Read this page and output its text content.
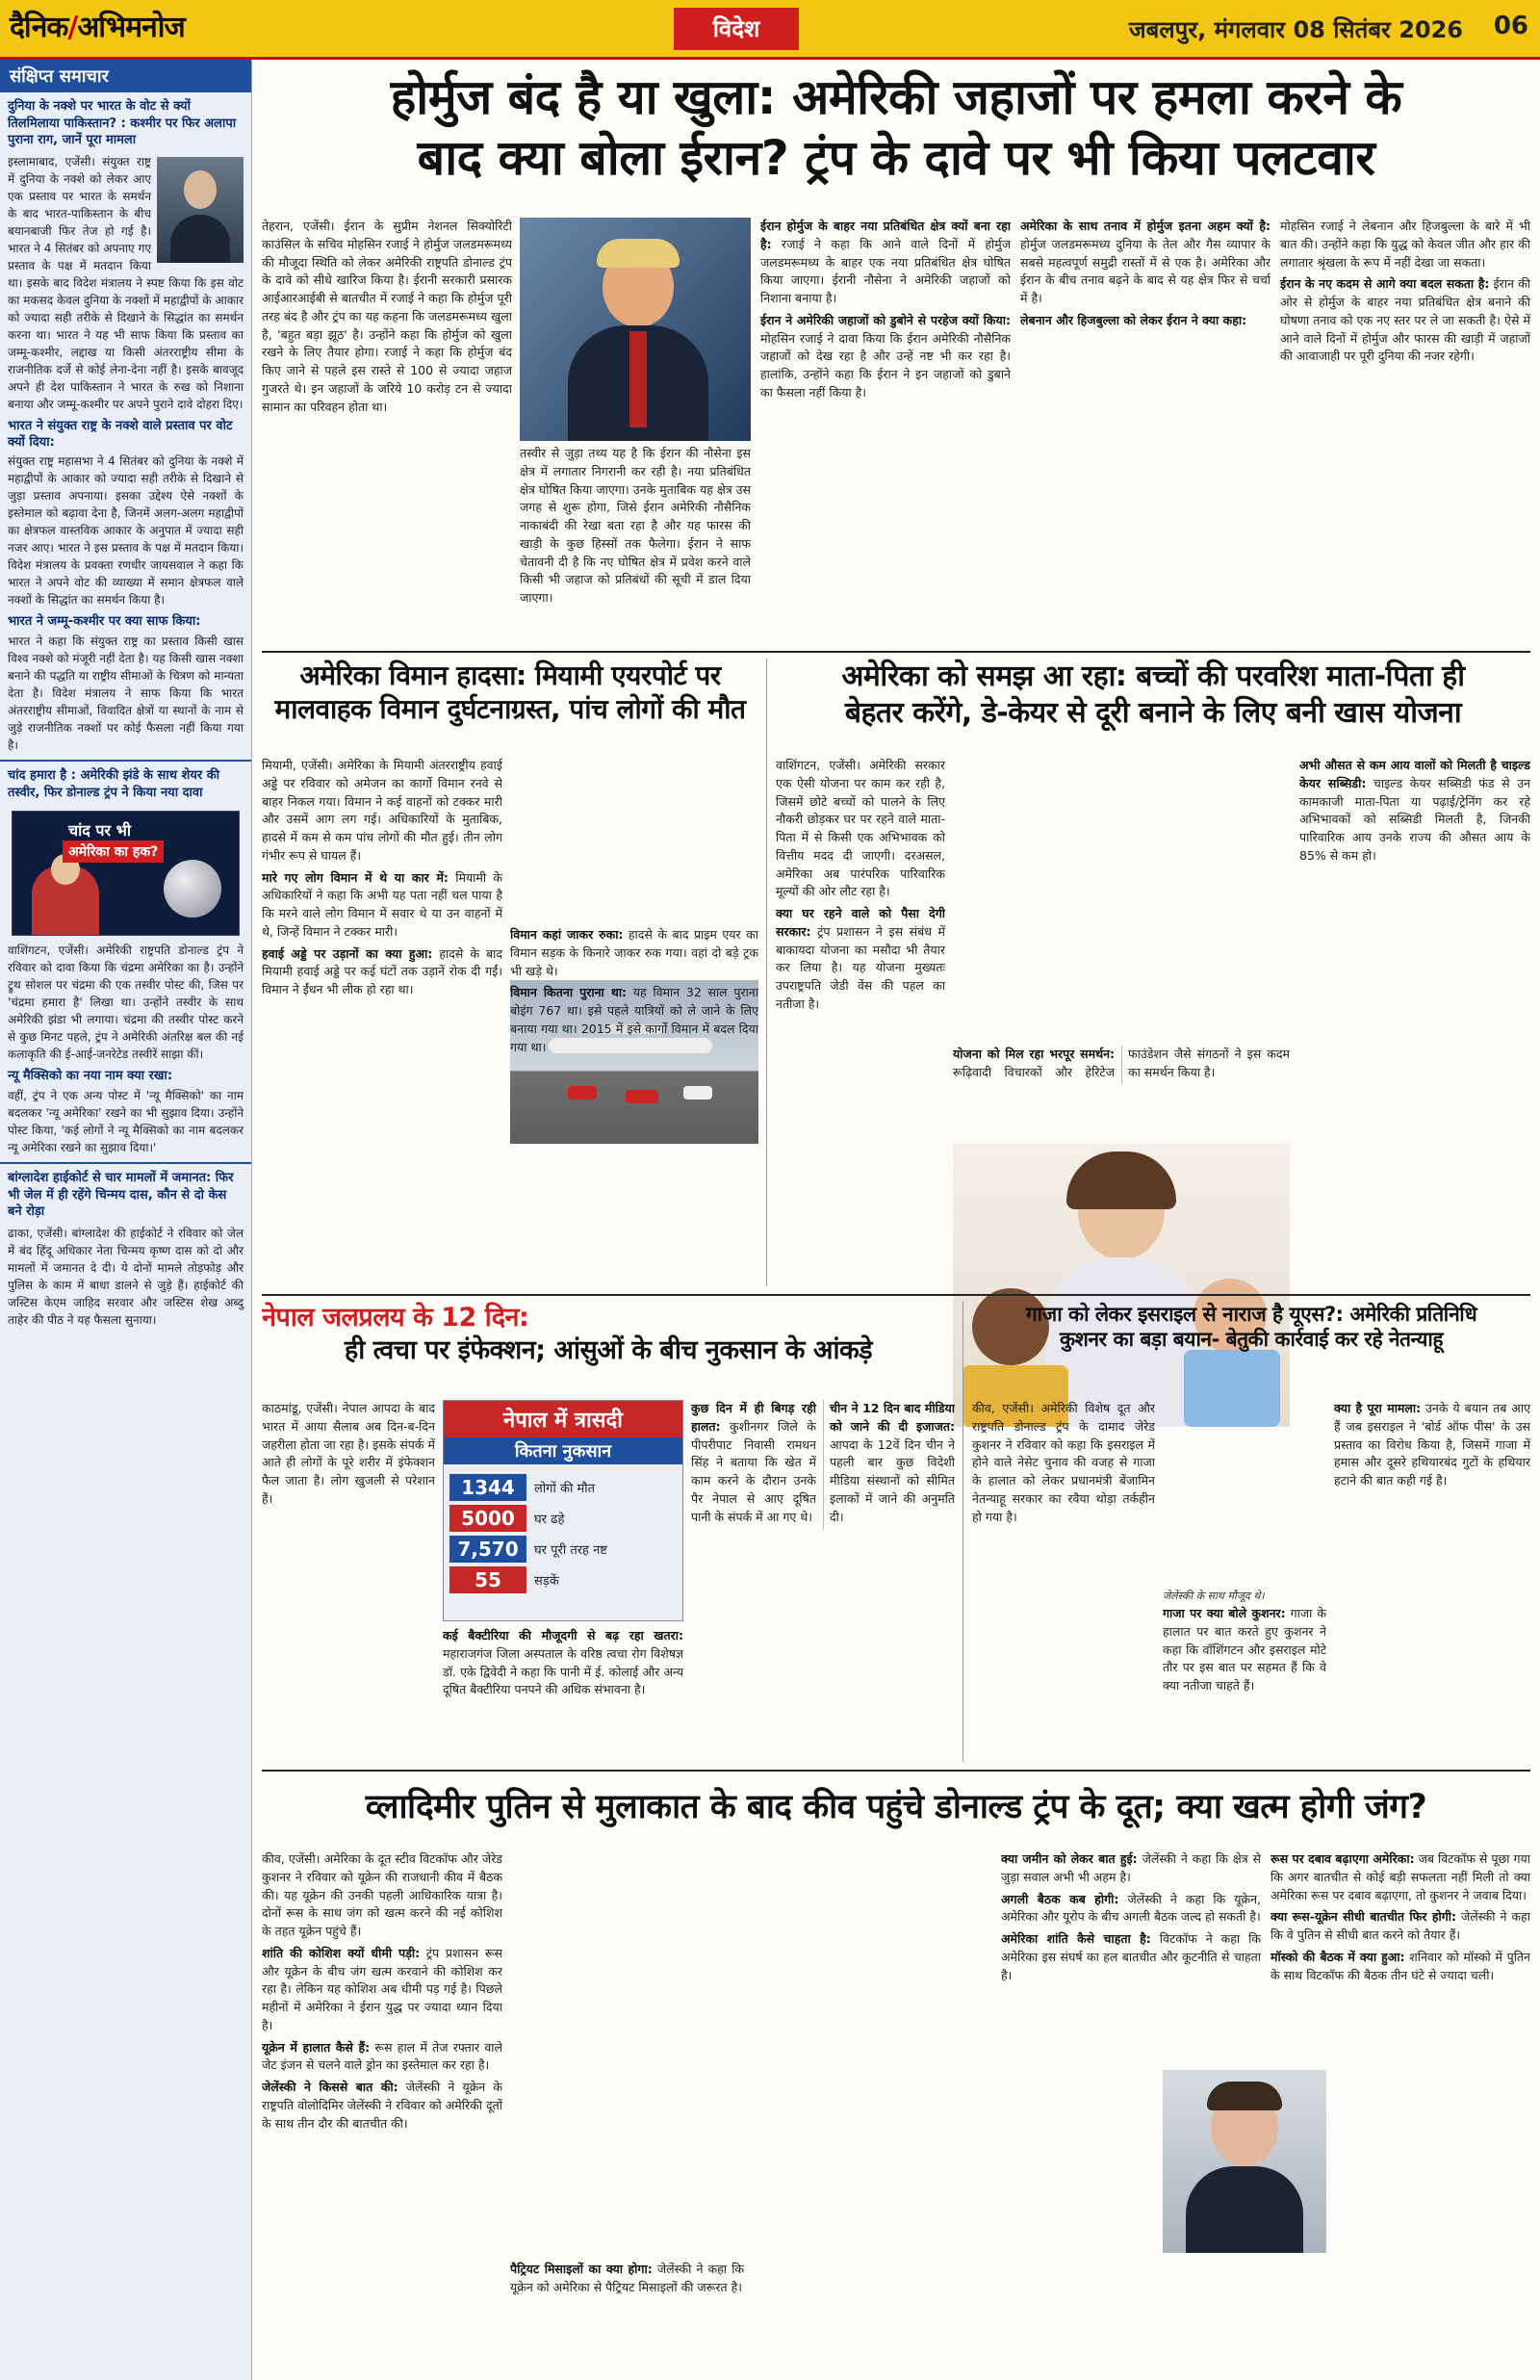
दैनिक/अभिमनोज	विदेश	जबलपुर, मंगलवार 08 सितंबर 2026 06
संक्षिप्त समाचार
दुनिया के नक्शे पर भारत के वोट से क्यों तिलमिलाया पाकिस्तान? : कश्मीर पर फिर अलापा पुराना राग, जानें पूरा मामला
इस्लामाबाद, एजेंसी। संयुक्त राष्ट्र में दुनिया के नक्शे को लेकर आए एक प्रस्ताव पर भारत के समर्थन के बाद भारत-पाकिस्तान के बीच बयानबाजी फिर तेज हो गई है। भारत ने 4 सितंबर को अपनाए गए प्रस्ताव के पक्ष में मतदान किया था। इसके बाद विदेश मंत्रालय ने स्पष्ट किया कि इस वोट का मकसद केवल दुनिया के नक्शों में महाद्वीपों के आकार को ज्यादा सही तरीके से दिखाने के सिद्धांत का समर्थन करना था। भारत ने यह भी साफ किया कि प्रस्ताव का जम्मू-कश्मीर, लद्दाख या किसी अंतरराष्ट्रीय सीमा के राजनीतिक दर्जे से कोई लेना-देना नहीं है। इसके बावजूद अपने ही देश पाकिस्तान ने भारत के रुख को निशाना बनाया और जम्मू-कश्मीर पर अपने पुराने दावे दोहरा दिए।
भारत ने संयुक्त राष्ट्र के नक्शे वाले प्रस्ताव पर वोट क्यों दिया:
संयुक्त राष्ट्र महासभा ने 4 सितंबर को दुनिया के नक्शे में महाद्वीपों के आकार को ज्यादा सही तरीके से दिखाने से जुड़ा प्रस्ताव अपनाया। इसका उद्देश्य ऐसे नक्शों के इस्तेमाल को बढ़ावा देना है, जिनमें अलग-अलग महाद्वीपों का क्षेत्रफल वास्तविक आकार के अनुपात में ज्यादा सही नजर आए। भारत ने इस प्रस्ताव के पक्ष में मतदान किया। विदेश मंत्रालय के प्रवक्ता रणधीर जायसवाल ने कहा कि भारत ने अपने वोट की व्याख्या में समान क्षेत्रफल वाले नक्शों के सिद्धांत का समर्थन किया है।
भारत ने जम्मू-कश्मीर पर क्या साफ किया:
भारत ने कहा कि संयुक्त राष्ट्र का प्रस्ताव किसी खास विश्व नक्शे को मंजूरी नहीं देता है। यह किसी खास नक्शा बनाने की पद्धति या राष्ट्रीय सीमाओं के चित्रण को मान्यता देता है। विदेश मंत्रालय ने साफ किया कि भारत अंतरराष्ट्रीय सीमाओं, विवादित क्षेत्रों या स्थानों के नाम से जुड़े राजनीतिक नक्शों पर कोई फैसला नहीं किया गया है।
चांद हमारा है : अमेरिकी झंडे के साथ शेयर की तस्वीर, फिर डोनाल्ड ट्रंप ने किया नया दावा
चांद पर भी
अमेरिका का हक?
वाशिंगटन, एजेंसी। अमेरिकी राष्ट्रपति डोनाल्ड ट्रंप ने रविवार को दावा किया कि चंद्रमा अमेरिका का है। उन्होंने ट्रुथ सोशल पर चंद्रमा की एक तस्वीर पोस्ट की, जिस पर 'चंद्रमा हमारा है' लिखा था। उन्होंने तस्वीर के साथ अमेरिकी झंडा भी लगाया। चंद्रमा की तस्वीर पोस्ट करने से कुछ मिनट पहले, ट्रंप ने अमेरिकी अंतरिक्ष बल की नई कलाकृति की ई-आई-जनरेटेड तस्वीरें साझा कीं।
न्यू मैक्सिको का नया नाम क्या रखा:
वहीं, ट्रंप ने एक अन्य पोस्ट में 'न्यू मैक्सिको' का नाम बदलकर 'न्यू अमेरिका' रखने का भी सुझाव दिया। उन्होंने पोस्ट किया, 'कई लोगों ने न्यू मैक्सिको का नाम बदलकर न्यू अमेरिका रखने का सुझाव दिया।'
बांग्लादेश हाईकोर्ट से चार मामलों में जमानत: फिर भी जेल में ही रहेंगे चिन्मय दास, कौन से दो केस बने रोड़ा
ढाका, एजेंसी। बांग्लादेश की हाईकोर्ट ने रविवार को जेल में बंद हिंदू अधिकार नेता चिन्मय कृष्ण दास को दो और मामलों में जमानत दे दी। ये दोनों मामले तोड़फोड़ और पुलिस के काम में बाधा डालने से जुड़े हैं। हाईकोर्ट की जस्टिस केएम जाहिद सरवार और जस्टिस शेख अब्दु ताहेर की पीठ ने यह फैसला सुनाया।
होर्मुज बंद है या खुला: अमेरिकी जहाजों पर हमला करने के
बाद क्या बोला ईरान? ट्रंप के दावे पर भी किया पलटवार
तेहरान, एजेंसी। ईरान के सुप्रीम नेशनल सिक्योरिटी काउंसिल के सचिव मोहसिन रजाई ने होर्मुज जलडमरूमध्य की मौजूदा स्थिति को लेकर अमेरिकी राष्ट्रपति डोनाल्ड ट्रंप के दावे को सीधे खारिज किया है। ईरानी सरकारी प्रसारक आईआरआईबी से बातचीत में रजाई ने कहा कि होर्मुज पूरी तरह बंद है और ट्रंप का यह कहना कि जलडमरूमध्य खुला है, 'बहुत बड़ा झूठ' है। उन्होंने कहा कि होर्मुज को खुला रखने के लिए तैयार होगा। रजाई ने कहा कि होर्मुज बंद किए जाने से पहले इस रास्ते से 100 से ज्यादा जहाज गुजरते थे। इन जहाजों के जरिये 10 करोड़ टन से ज्यादा सामान का परिवहन होता था।

तस्वीर से जुड़ा तथ्य यह है कि ईरान की नौसेना इस क्षेत्र में लगातार निगरानी कर रही है। नया प्रतिबंधित क्षेत्र घोषित किया जाएगा। उनके मुताबिक यह क्षेत्र उस जगह से शुरू होगा, जिसे ईरान अमेरिकी नौसैनिक नाकाबंदी की रेखा बता रहा है और यह फारस की खाड़ी के कुछ हिस्सों तक फैलेगा। ईरान ने साफ चेतावनी दी है कि नए घोषित क्षेत्र में प्रवेश करने वाले किसी भी जहाज को प्रतिबंधों की सूची में डाल दिया जाएगा।

ईरान होर्मुज के बाहर नया प्रतिबंधित क्षेत्र क्यों बना रहा है: रजाई ने कहा कि आने वाले दिनों में होर्मुज जलडमरूमध्य के बाहर एक नया प्रतिबंधित क्षेत्र घोषित किया जाएगा। ईरानी नौसेना ने अमेरिकी जहाजों को निशाना बनाया है।

ईरान ने अमेरिकी जहाजों को डुबोने से परहेज क्यों किया: मोहसिन रजाई ने दावा किया कि ईरान अमेरिकी नौसैनिक जहाजों को देख रहा है और उन्हें नष्ट भी कर रहा है। हालांकि, उन्होंने कहा कि ईरान ने इन जहाजों को डुबाने का फैसला नहीं किया है।

अमेरिका के साथ तनाव में होर्मुज इतना अहम क्यों है: होर्मुज जलडमरूमध्य दुनिया के तेल और गैस व्यापार के सबसे महत्वपूर्ण समुद्री रास्तों में से एक है। अमेरिका और ईरान के बीच तनाव बढ़ने के बाद से यह क्षेत्र फिर से चर्चा में है।

लेबनान और हिजबुल्ला को लेकर ईरान ने क्या कहा:

मोहसिन रजाई ने लेबनान और हिजबुल्ला के बारे में भी बात की। उन्होंने कहा कि युद्ध को केवल जीत और हार की लगातार श्रृंखला के रूप में नहीं देखा जा सकता।

ईरान के नए कदम से आगे क्या बदल सकता है: ईरान की ओर से होर्मुज के बाहर नया प्रतिबंधित क्षेत्र बनाने की घोषणा तनाव को एक नए स्तर पर ले जा सकती है। ऐसे में आने वाले दिनों में होर्मुज और फारस की खाड़ी में जहाजों की आवाजाही पर पूरी दुनिया की नजर रहेगी।

अमेरिका विमान हादसा: मियामी एयरपोर्ट पर
मालवाहक विमान दुर्घटनाग्रस्त, पांच लोगों की मौत

मियामी, एजेंसी। अमेरिका के मियामी अंतरराष्ट्रीय हवाई अड्डे पर रविवार को अमेजन का कार्गो विमान रनवे से बाहर निकल गया। विमान ने कई वाहनों को टक्कर मारी और उसमें आग लग गई। अधिकारियों के मुताबिक, हादसे में कम से कम पांच लोगों की मौत हुई। तीन लोग गंभीर रूप से घायल हैं।

मारे गए लोग विमान में थे या कार में: मियामी के अधिकारियों ने कहा कि अभी यह पता नहीं चल पाया है कि मरने वाले लोग विमान में सवार थे या उन वाहनों में थे, जिन्हें विमान ने टक्कर मारी।

हवाई अड्डे पर उड़ानों का क्या हुआ: हादसे के बाद मियामी हवाई अड्डे पर कई घंटों तक उड़ानें रोक दी गईं। विमान ने ईंधन भी लीक हो रहा था।

विमान कहां जाकर रुका: हादसे के बाद प्राइम एयर का विमान सड़क के किनारे जाकर रुक गया। वहां दो बड़े ट्रक भी खड़े थे।

विमान कितना पुराना था: यह विमान 32 साल पुराना बोइंग 767 था। इसे पहले यात्रियों को ले जाने के लिए बनाया गया था। 2015 में इसे कार्गो विमान में बदल दिया गया था।

अमेरिका को समझ आ रहा: बच्चों की परवरिश माता-पिता ही
बेहतर करेंगे, डे-केयर से दूरी बनाने के लिए बनी खास योजना

वाशिंगटन, एजेंसी। अमेरिकी सरकार एक ऐसी योजना पर काम कर रही है, जिसमें छोटे बच्चों को पालने के लिए नौकरी छोड़कर घर पर रहने वाले माता-पिता में से किसी एक अभिभावक को वित्तीय मदद दी जाएगी। दरअसल, अमेरिका अब पारंपरिक पारिवारिक मूल्यों की ओर लौट रहा है।

क्या घर रहने वाले को पैसा देगी सरकार: ट्रंप प्रशासन ने इस संबंध में बाकायदा योजना का मसौदा भी तैयार कर लिया है। यह योजना मुख्यतः उपराष्ट्रपति जेडी वेंस की पहल का नतीजा है।

योजना को मिल रहा भरपूर समर्थन: रूढ़िवादी विचारकों और हेरिटेज फाउंडेशन जैसे संगठनों ने इस कदम का समर्थन किया है।

अभी औसत से कम आय वालों को मिलती है चाइल्ड केयर सब्सिडी: चाइल्ड केयर सब्सिडी फंड से उन कामकाजी माता-पिता या पढ़ाई/ट्रेनिंग कर रहे अभिभावकों को सब्सिडी मिलती है, जिनकी पारिवारिक आय उनके राज्य की औसत आय के 85% से कम हो।

नेपाल जलप्रलय के 12 दिन:
ही त्वचा पर इंफेक्शन; आंसुओं के बीच नुकसान के आंकड़े
काठमांडू, एजेंसी। नेपाल आपदा के बाद भारत में आया सैलाब अब दिन-ब-दिन जहरीला होता जा रहा है। इसके संपर्क में आते ही लोगों के पूरे शरीर में इंफेक्शन फैल जाता है। लोग खुजली से परेशान हैं।
नेपाल में त्रासदी
कितना नुकसान
1344	लोगों की मौत
5000	घर ढहे
7,570	घर पूरी तरह नष्ट
55	सड़कें

कई बैक्टीरिया की मौजूदगी से बढ़ रहा खतरा: महाराजगंज जिला अस्पताल के वरिष्ठ त्वचा रोग विशेषज्ञ डॉ. एके द्विवेदी ने कहा कि पानी में ई. कोलाई और अन्य दूषित बैक्टीरिया पनपने की अधिक संभावना है।

कुछ दिन में ही बिगड़ रही हालत: कुशीनगर जिले के पीपरीपाट निवासी रामधन सिंह ने बताया कि खेत में काम करने के दौरान उनके पैर नेपाल से आए दूषित पानी के संपर्क में आ गए थे।

चीन ने 12 दिन बाद मीडिया को जाने की दी इजाजत: आपदा के 12वें दिन चीन ने पहली बार कुछ विदेशी मीडिया संस्थानों को सीमित इलाकों में जाने की अनुमति दी।

गाजा को लेकर इसराइल से नाराज है यूएस?: अमेरिकी प्रतिनिधि
कुशनर का बड़ा बयान- बेतुकी कार्रवाई कर रहे नेतन्याहू
कीव, एजेंसी। अमेरिकी विशेष दूत और राष्ट्रपति डोनाल्ड ट्रंप के दामाद जेरेड कुशनर ने रविवार को कहा कि इसराइल में होने वाले नेसेट चुनाव की वजह से गाजा के हालात को लेकर प्रधानमंत्री बेंजामिन नेतन्याहू सरकार का रवैया थोड़ा तर्कहीन हो गया है।
जेलेंस्की के साथ मौजूद थे।

गाजा पर क्या बोले कुशनर: गाजा के हालात पर बात करते हुए कुशनर ने कहा कि वॉशिंगटन और इसराइल मोटे तौर पर इस बात पर सहमत हैं कि वे क्या नतीजा चाहते हैं।

क्या है पूरा मामला: उनके ये बयान तब आए हैं जब इसराइल ने 'बोर्ड ऑफ पीस' के उस प्रस्ताव का विरोध किया है, जिसमें गाजा में हमास और दूसरे हथियारबंद गुटों के हथियार हटाने की बात कही गई है।

व्लादिमीर पुतिन से मुलाकात के बाद कीव पहुंचे डोनाल्ड ट्रंप के दूत; क्या खत्म होगी जंग?

कीव, एजेंसी। अमेरिका के दूत स्टीव विटकॉफ और जेरेड कुशनर ने रविवार को यूक्रेन की राजधानी कीव में बैठक की। यह यूक्रेन की उनकी पहली आधिकारिक यात्रा है। दोनों रूस के साथ जंग को खत्म करने की नई कोशिश के तहत यूक्रेन पहुंचे हैं।

शांति की कोशिश क्यों धीमी पड़ी: ट्रंप प्रशासन रूस और यूक्रेन के बीच जंग खत्म करवाने की कोशिश कर रहा है। लेकिन यह कोशिश अब धीमी पड़ गई है। पिछले महीनों में अमेरिका ने ईरान युद्ध पर ज्यादा ध्यान दिया है।

यूक्रेन में हालात कैसे हैं: रूस हाल में तेज रफ्तार वाले जेट इंजन से चलने वाले ड्रोन का इस्तेमाल कर रहा है।

जेलेंस्की ने किससे बात की: जेलेंस्की ने यूक्रेन के राष्ट्रपति वोलोदिमिर जेलेंस्की ने रविवार को अमेरिकी दूतों के साथ तीन दौर की बातचीत की।

पैट्रियट मिसाइलों का क्या होगा: जेलेंस्की ने कहा कि यूक्रेन को अमेरिका से पैट्रियट मिसाइलों की जरूरत है।

क्या जमीन को लेकर बात हुई: जेलेंस्की ने कहा कि क्षेत्र से जुड़ा सवाल अभी भी अहम है।

अगली बैठक कब होगी: जेलेंस्की ने कहा कि यूक्रेन, अमेरिका और यूरोप के बीच अगली बैठक जल्द हो सकती है।

अमेरिका शांति कैसे चाहता है: विटकॉफ ने कहा कि अमेरिका इस संघर्ष का हल बातचीत और कूटनीति से चाहता है।

रूस पर दबाव बढ़ाएगा अमेरिका: जब विटकॉफ से पूछा गया कि अगर बातचीत से कोई बड़ी सफलता नहीं मिली तो क्या अमेरिका रूस पर दबाव बढ़ाएगा, तो कुशनर ने जवाब दिया।

क्या रूस-यूक्रेन सीधी बातचीत फिर होगी: जेलेंस्की ने कहा कि वे पुतिन से सीधी बात करने को तैयार हैं।

मॉस्को की बैठक में क्या हुआ: शनिवार को मॉस्को में पुतिन के साथ विटकॉफ की बैठक तीन घंटे से ज्यादा चली।
